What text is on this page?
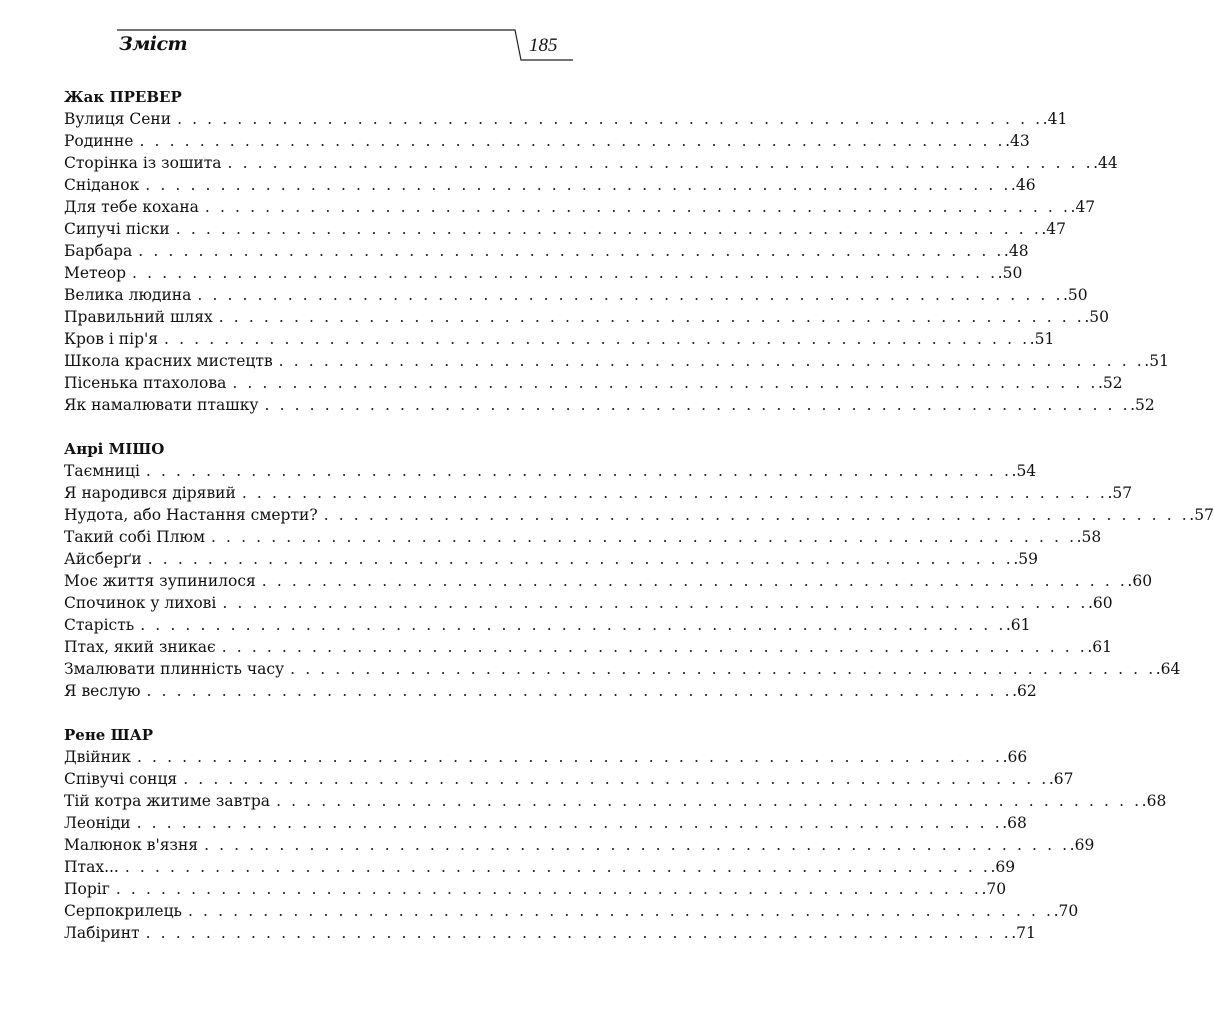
Зміст	185
Жак ПРЕВЕР
Вулиця Сени . . . . . . . . . . . . . . . . . . . . . . . . . . . . . . . . . . . . . . . . . . . . . . . . . . . . . . . . . . .41
Родинне . . . . . . . . . . . . . . . . . . . . . . . . . . . . . . . . . . . . . . . . . . . . . . . . . . . . . . . . . . .43
Сторінка із зошита . . . . . . . . . . . . . . . . . . . . . . . . . . . . . . . . . . . . . . . . . . . . . . . . . . . . . . . . . . .44
Сніданок . . . . . . . . . . . . . . . . . . . . . . . . . . . . . . . . . . . . . . . . . . . . . . . . . . . . . . . . . . .46
Для тебе кохана . . . . . . . . . . . . . . . . . . . . . . . . . . . . . . . . . . . . . . . . . . . . . . . . . . . . . . . . . . .47
Сипучі піски . . . . . . . . . . . . . . . . . . . . . . . . . . . . . . . . . . . . . . . . . . . . . . . . . . . . . . . . . . .47
Барбара . . . . . . . . . . . . . . . . . . . . . . . . . . . . . . . . . . . . . . . . . . . . . . . . . . . . . . . . . . .48
Метеор . . . . . . . . . . . . . . . . . . . . . . . . . . . . . . . . . . . . . . . . . . . . . . . . . . . . . . . . . . .50
Велика людина . . . . . . . . . . . . . . . . . . . . . . . . . . . . . . . . . . . . . . . . . . . . . . . . . . . . . . . . . . .50
Правильний шлях . . . . . . . . . . . . . . . . . . . . . . . . . . . . . . . . . . . . . . . . . . . . . . . . . . . . . . . . . . .50
Кров і пір'я . . . . . . . . . . . . . . . . . . . . . . . . . . . . . . . . . . . . . . . . . . . . . . . . . . . . . . . . . . .51
Школа красних мистецтв . . . . . . . . . . . . . . . . . . . . . . . . . . . . . . . . . . . . . . . . . . . . . . . . . . . . . . . . . . .51
Пісенька птахолова . . . . . . . . . . . . . . . . . . . . . . . . . . . . . . . . . . . . . . . . . . . . . . . . . . . . . . . . . . .52
Як намалювати пташку . . . . . . . . . . . . . . . . . . . . . . . . . . . . . . . . . . . . . . . . . . . . . . . . . . . . . . . . . . .52
Анрі МІШО
Таємниці . . . . . . . . . . . . . . . . . . . . . . . . . . . . . . . . . . . . . . . . . . . . . . . . . . . . . . . . . . .54
Я народився дірявий . . . . . . . . . . . . . . . . . . . . . . . . . . . . . . . . . . . . . . . . . . . . . . . . . . . . . . . . . . .57
Нудота, або Настання смерти? . . . . . . . . . . . . . . . . . . . . . . . . . . . . . . . . . . . . . . . . . . . . . . . . . . . . . . . . . . .57
Такий собі Плюм . . . . . . . . . . . . . . . . . . . . . . . . . . . . . . . . . . . . . . . . . . . . . . . . . . . . . . . . . . .58
Айсберґи . . . . . . . . . . . . . . . . . . . . . . . . . . . . . . . . . . . . . . . . . . . . . . . . . . . . . . . . . . .59
Моє життя зупинилося . . . . . . . . . . . . . . . . . . . . . . . . . . . . . . . . . . . . . . . . . . . . . . . . . . . . . . . . . . .60
Спочинок у лихові . . . . . . . . . . . . . . . . . . . . . . . . . . . . . . . . . . . . . . . . . . . . . . . . . . . . . . . . . . .60
Старість . . . . . . . . . . . . . . . . . . . . . . . . . . . . . . . . . . . . . . . . . . . . . . . . . . . . . . . . . . .61
Птах, який зникає . . . . . . . . . . . . . . . . . . . . . . . . . . . . . . . . . . . . . . . . . . . . . . . . . . . . . . . . . . .61
Змалювати плинність часу . . . . . . . . . . . . . . . . . . . . . . . . . . . . . . . . . . . . . . . . . . . . . . . . . . . . . . . . . . .64
Я веслую . . . . . . . . . . . . . . . . . . . . . . . . . . . . . . . . . . . . . . . . . . . . . . . . . . . . . . . . . . .62
Рене ШАР
Двійник . . . . . . . . . . . . . . . . . . . . . . . . . . . . . . . . . . . . . . . . . . . . . . . . . . . . . . . . . . .66
Співучі сонця . . . . . . . . . . . . . . . . . . . . . . . . . . . . . . . . . . . . . . . . . . . . . . . . . . . . . . . . . . .67
Тій котра житиме завтра . . . . . . . . . . . . . . . . . . . . . . . . . . . . . . . . . . . . . . . . . . . . . . . . . . . . . . . . . . .68
Леоніди . . . . . . . . . . . . . . . . . . . . . . . . . . . . . . . . . . . . . . . . . . . . . . . . . . . . . . . . . . .68
Малюнок в'язня . . . . . . . . . . . . . . . . . . . . . . . . . . . . . . . . . . . . . . . . . . . . . . . . . . . . . . . . . . .69
Птах... . . . . . . . . . . . . . . . . . . . . . . . . . . . . . . . . . . . . . . . . . . . . . . . . . . . . . . . . . . .69
Поріг . . . . . . . . . . . . . . . . . . . . . . . . . . . . . . . . . . . . . . . . . . . . . . . . . . . . . . . . . . .70
Серпокрилець . . . . . . . . . . . . . . . . . . . . . . . . . . . . . . . . . . . . . . . . . . . . . . . . . . . . . . . . . . .70
Лабіринт . . . . . . . . . . . . . . . . . . . . . . . . . . . . . . . . . . . . . . . . . . . . . . . . . . . . . . . . . . .71
